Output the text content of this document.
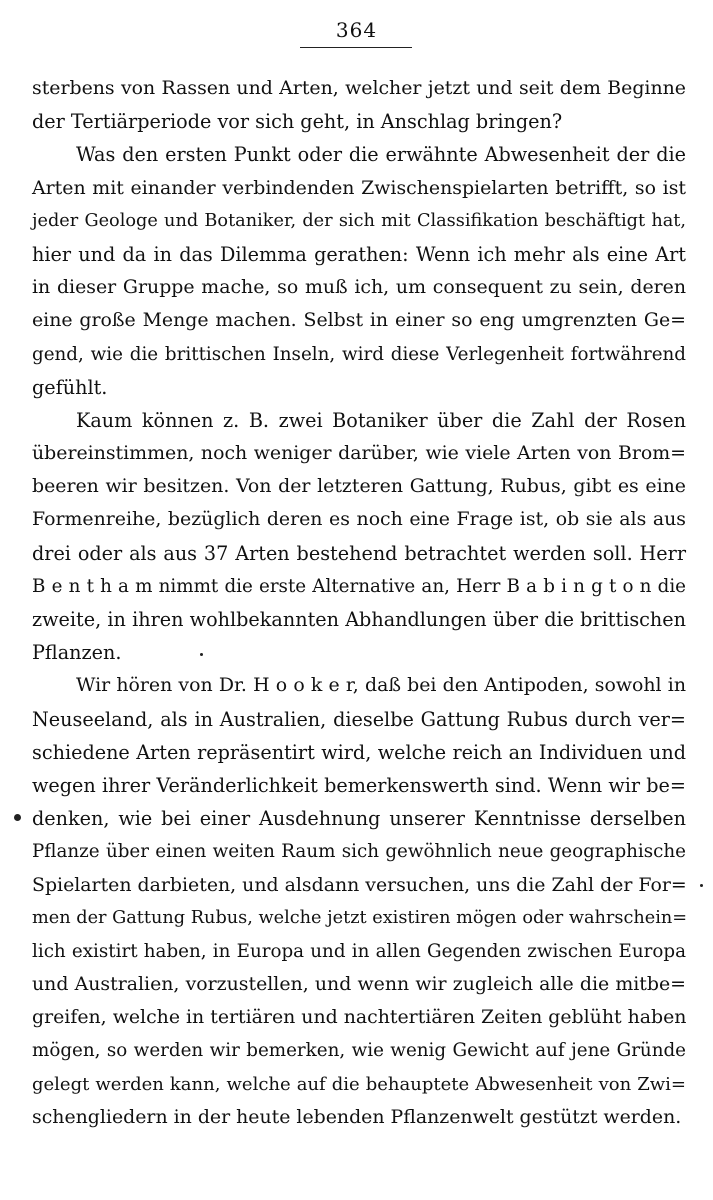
364
sterbens von Rassen und Arten, welcher jetzt und seit dem Beginne
der Tertiärperiode vor sich geht, in Anschlag bringen?
Was den ersten Punkt oder die erwähnte Abwesenheit der die
Arten mit einander verbindenden Zwischenspielarten betrifft, so ist
jeder Geologe und Botaniker, der sich mit Classifikation beschäftigt hat,
hier und da in das Dilemma gerathen: Wenn ich mehr als eine Art
in dieser Gruppe mache, so muß ich, um consequent zu sein, deren
eine große Menge machen. Selbst in einer so eng umgrenzten Ge=
gend, wie die brittischen Inseln, wird diese Verlegenheit fortwährend
gefühlt.
Kaum können z. B. zwei Botaniker über die Zahl der Rosen
übereinstimmen, noch weniger darüber, wie viele Arten von Brom=
beeren wir besitzen. Von der letzteren Gattung, Rubus, gibt es eine
Formenreihe, bezüglich deren es noch eine Frage ist, ob sie als aus
drei oder als aus 37 Arten bestehend betrachtet werden soll. Herr
B e n t h a m nimmt die erste Alternative an, Herr B a b i n g t o n die
zweite, in ihren wohlbekannten Abhandlungen über die brittischen
Pflanzen.
Wir hören von Dr. H o o k e r, daß bei den Antipoden, sowohl in
Neuseeland, als in Australien, dieselbe Gattung Rubus durch ver=
schiedene Arten repräsentirt wird, welche reich an Individuen und
wegen ihrer Veränderlichkeit bemerkenswerth sind. Wenn wir be=
denken, wie bei einer Ausdehnung unserer Kenntnisse derselben
Pflanze über einen weiten Raum sich gewöhnlich neue geographische
Spielarten darbieten, und alsdann versuchen, uns die Zahl der For=
men der Gattung Rubus, welche jetzt existiren mögen oder wahrschein=
lich existirt haben, in Europa und in allen Gegenden zwischen Europa
und Australien, vorzustellen, und wenn wir zugleich alle die mitbe=
greifen, welche in tertiären und nachtertiären Zeiten geblüht haben
mögen, so werden wir bemerken, wie wenig Gewicht auf jene Gründe
gelegt werden kann, welche auf die behauptete Abwesenheit von Zwi=
schengliedern in der heute lebenden Pflanzenwelt gestützt werden.
